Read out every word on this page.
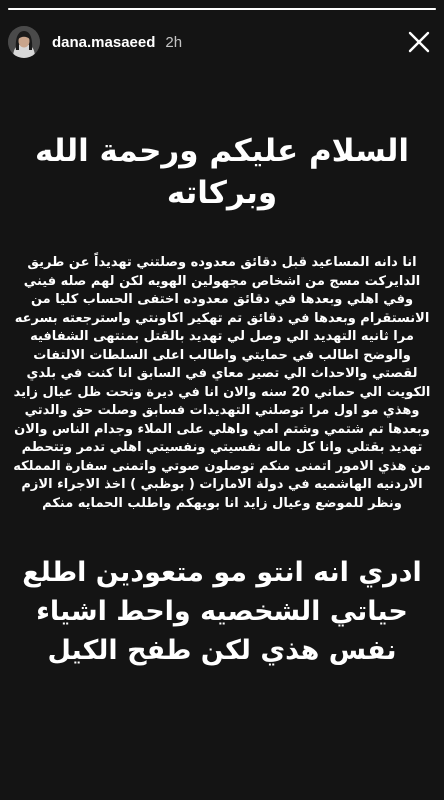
dana.masaeed 2h
السلام عليكم ورحمة الله وبركاته
انا دانه المساعيد قبل دقائق معدوده وصلتني تهديداً عن طريق الدايركت مسج من اشخاص مجهولين الهويه لكن لهم صله فيني وفي اهلي وبعدها في دقائق معدوده اختفى الحساب كليا من الانستقرام وبعدها في دقائق تم تهكير اكاونتي واسترجعته بسرعه مرا ثانيه التهديد الي وصل لي تهديد بالقتل بمنتهى الشفافيه والوضح اطالب في حمايتي واطالب اعلى السلطات الالتفات لقصتي والاحداث الي تصير معاي في السابق انا كنت في بلدي الكويت الي حماني 20 سنه والان انا في ديرة وتحت ظل عيال زايد وهذي مو اول مرا توصلني التهديدات فسابق وصلت حق والدتي وبعدها تم شتمي وشتم امي واهلي على الملاء وجدام الناس والان تهديد بقتلي وانا كل ماله نفسيتي ونفسيتي اهلي تدمر وتتحطم من هذي الامور اتمنى منكم توصلون صوتي واتمنى سفارة المملكه الاردنيه الهاشميه في دولة الامارات ( بوظبي ) اخذ الاجراء الازم ونظر للموضع وعيال زايد انا بويهكم واطلب الحمايه منكم
ادري انه انتو مو متعودين اطلع حياتي الشخصيه واحط اشياء نفس هذي لكن طفح الكيل
